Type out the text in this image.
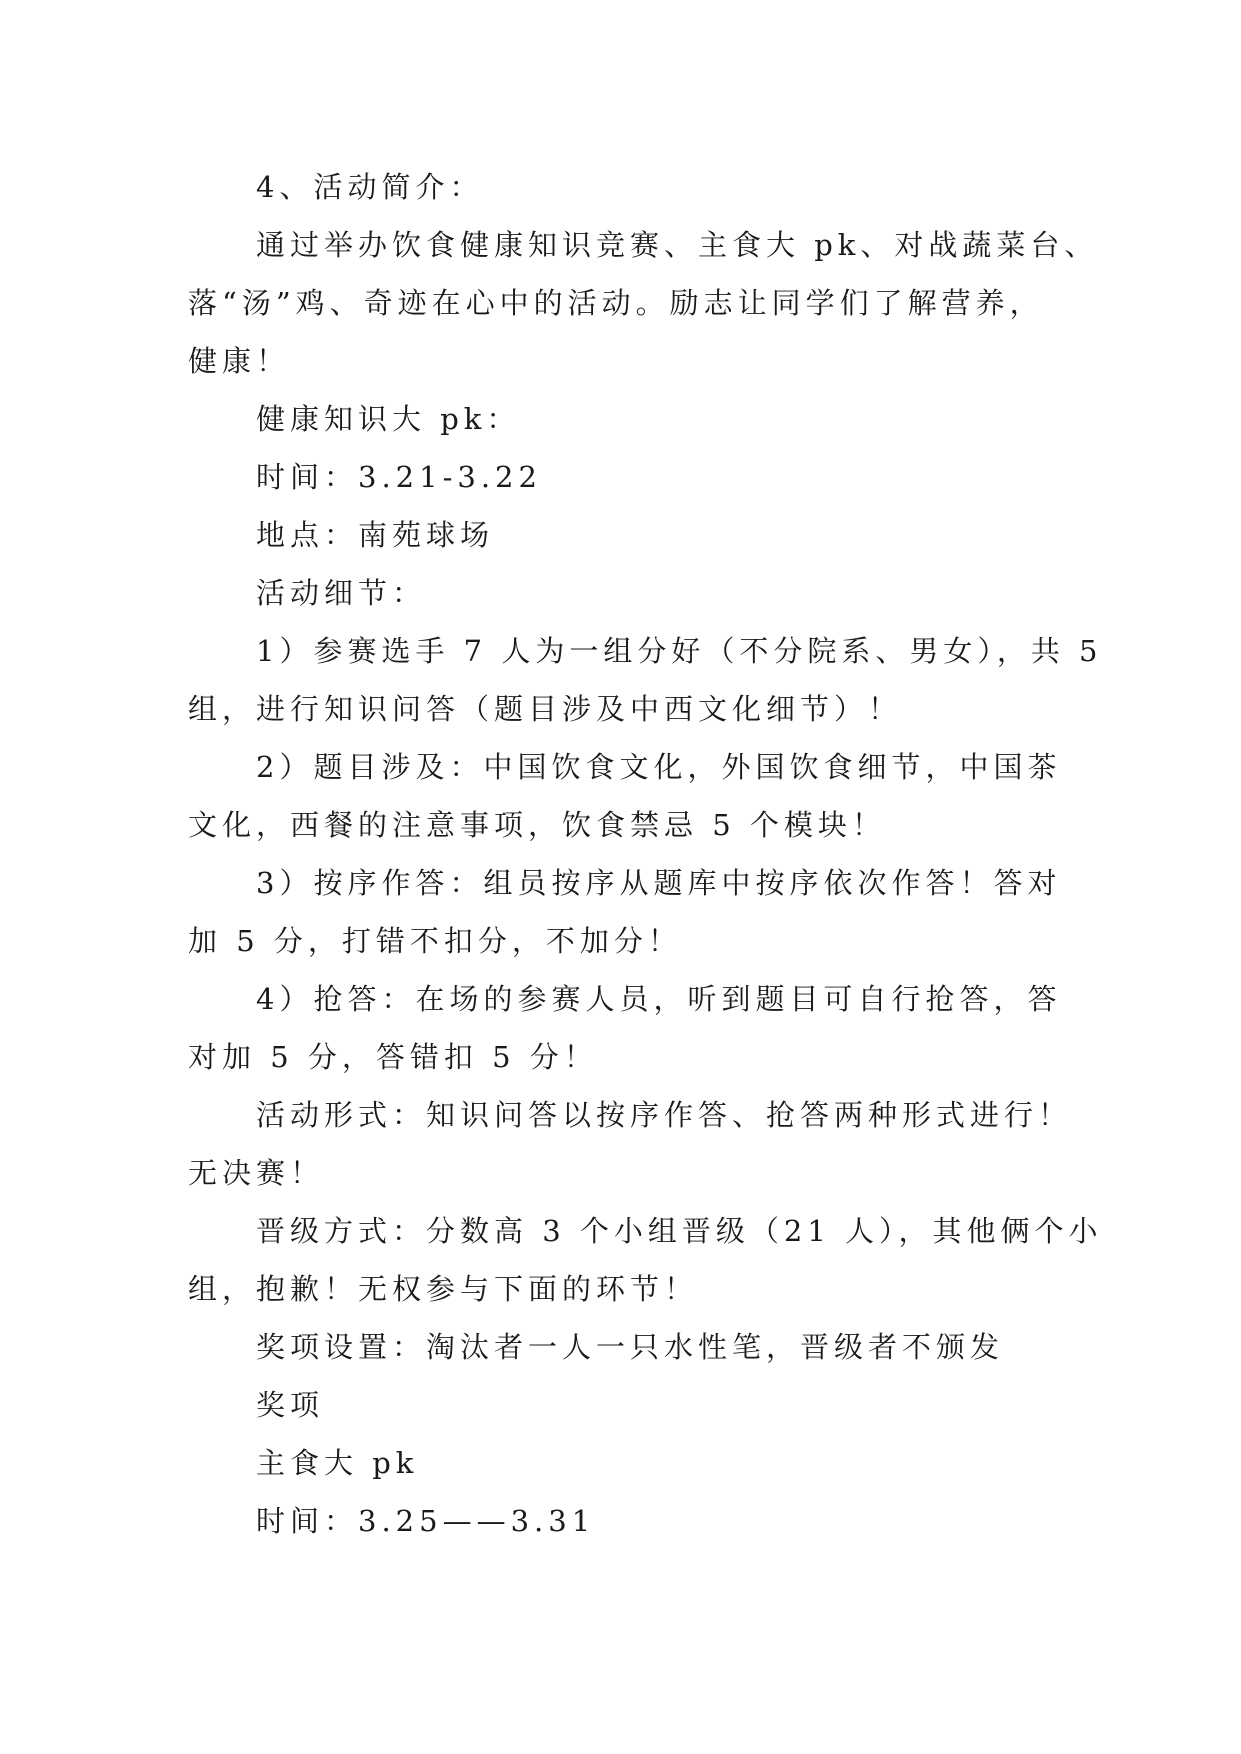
4、活动简介：
通过举办饮食健康知识竞赛、主食大 pk、对战蔬菜台、
落“汤”鸡、奇迹在心中的活动。励志让同学们了解营养，
健康！
健康知识大 pk：
时间：3.21-3.22
地点：南苑球场
活动细节：
1）参赛选手 7 人为一组分好（不分院系、男女），共 5
组，进行知识问答（题目涉及中西文化细节）！
2）题目涉及：中国饮食文化，外国饮食细节，中国茶
文化，西餐的注意事项，饮食禁忌 5 个模块！
3）按序作答：组员按序从题库中按序依次作答！答对
加 5 分，打错不扣分，不加分！
4）抢答：在场的参赛人员，听到题目可自行抢答，答
对加 5 分，答错扣 5 分！
活动形式：知识问答以按序作答、抢答两种形式进行！
无决赛！
晋级方式：分数高 3 个小组晋级（21 人），其他俩个小
组，抱歉！无权参与下面的环节！
奖项设置：淘汰者一人一只水性笔，晋级者不颁发
奖项
主食大 pk
时间：3.25——3.31
